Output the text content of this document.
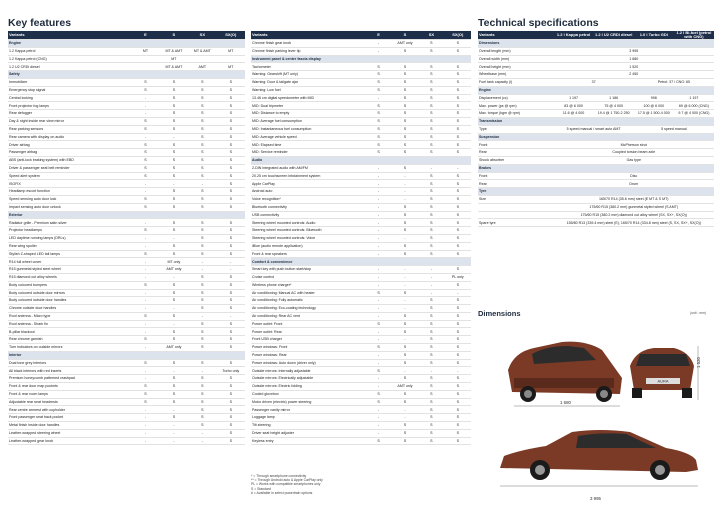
Key features	Technical specifications
Variants	E	S	SX	SX(O)
Engine				
1.2 Kappa petrol	MT	MT & AMT	MT & AMT	MT
1.2 Kappa petrol (CNG)		MT		
1.2 U2 CRDi diesel		MT & AMT	AMT	MT
Safety				
Immobilizer	S	S	S	S
Emergency stop signal	S	S	S	S
Central locking	-	S	S	S
Front projector fog lamps	-	S	S	S
Rear defogger	-	S	S	S
Day & night inside rear view mirror	S	S	S	S
Rear parking sensors	S	S	S	S
Rear camera with display on audio	-	-	S	S
Driver airbag	S	S	S	S
Passenger airbag	S	S	S	S
ABS (anti-lock braking system) with EBD	S	S	S	S
Driver & passenger seat belt reminder	S	S	S	S
Speed alert system	S	S	S	S
ISOFIX	-	-	-	S
Headlamp escort function	-	S	S	S
Speed sensing auto door lock	S	S	S	S
Impact sensing auto door unlock	S	S	S	S
Exterior				
Radiator grille - Premium satin silver	-	S	S	S
Projector headlamps	S	S	S	S
LED daytime running lamps (DRLs)	-	-	S	S
Rear wing spoiler	-	S	S	S
Stylish Z-shaped LED tail lamps	S	S	S	S
R14 full wheel cover	-	MT only	-	-
R15 gunmetal styled steel wheel	-	AMT only	-	-
R15 diamond cut alloy wheels	-	-	S	S
Body coloured bumpers	S	S	S	S
Body coloured outside door mirrors	-	S	S	S
Body coloured outside door handles	-	S	S	S
Chrome outside door handles	-	-	S	S
Roof antenna - Micro type	S	S	-	-
Roof antenna - Shark fin	-	-	S	S
B-pillar blackout	-	S	S	S
Rear chrome garnish	S	S	S	S
Turn indicators on outside mirrors	-	AMT only	S	S
Interior				
Dual tone grey interiors	S	S	S	S
All black interiors with red inserts	-	-	-	Turbo only
Premium honeycomb patterned crashpad	-	S	S	S
Front & rear door map pockets	S	S	S	S
Front & rear room lamps	S	S	S	S
Adjustable rear seat headrests	S	S	S	S
Rear centre armrest with cupholder	-	-	S	S
Front passenger seat back pocket	-	S	S	S
Metal finish inside door handles	-	-	S	S
Leather-wrapped steering wheel	-	-	-	S
Leather-wrapped gear knob	-	-	-	S
Variants	E	S	SX	SX(O)
Chrome finish gear knob	-	AMT only	S	S
Chrome finish parking lever tip	-	S	S	S
Instrument panel & center fascia display				
Tachometer	S	S	S	S
Warning: Gearshift (MT only)	S	S	S	S
Warning: Door & tailgate ajar	S	S	S	S
Warning: Low fuel	S	S	S	S
13.46 cm digital speedometer with MID	-	S	S	S
MID: Dual tripmeter	S	S	S	S
MID: Distance to empty	S	S	S	S
MID: Average fuel consumption	S	S	S	S
MID: Instantaneous fuel consumption	S	S	S	S
MID: Average vehicle speed	S	S	S	S
MID: Elapsed time	S	S	S	S
MID: Service reminder	S	S	S	S
Audio				
2-DIN integrated audio with AM/FM	-	S	-	-
20.25 cm touchscreen infotainment system	-	-	S	S
Apple CarPlay	-	-	S	S
Android auto	-	-	S	S
Voice recognition*	-	-	S	S
Bluetooth connectivity	-	S	S	S
USB connectivity	-	S	S	S
Steering wheel mounted controls: Audio	-	S	S	S
Steering wheel mounted controls: Bluetooth	-	S	S	S
Steering wheel mounted controls: Voice	-	-	S	S
iBlue (audio remote application)	-	S	S	S
Front & rear speakers	-	S	S	S
Comfort & convenience				
Smart key with push button start/stop	-	-	-	S
Cruise control	-	-	-	PL only
Wireless phone charger*	-	-	-	S
Air conditioning: Manual AC with heater	S	S	-	-
Air conditioning: Fully automatic	-	-	S	S
Air conditioning: Eco-coating technology	-	-	S	S
Air conditioning: Rear AC vent	-	S	S	S
Power outlet: Front	S	S	S	S
Power outlet: Rear	-	S	S	S
Front USB charger	-	-	S	S
Power windows: Front	S	S	S	S
Power windows: Rear	-	S	S	S
Power windows: Auto down (driver only)	-	S	S	S
Outside mirrors: Internally adjustable	S	-	-	-
Outside mirrors: Electrically adjustable	-	S	S	S
Outside mirrors: Electric folding	-	AMT only	S	S
Cooled glovebox	S	S	S	S
Motor driven (electric) power steering	S	S	S	S
Passenger vanity mirror	-	-	S	S
Luggage lamp	-	-	S	S
Tilt steering	-	S	S	S
Driver seat height adjuster	-	S	S	S
Keyless entry	S	S	S	S
* = Through smartphone connectivity
** = Through Android auto & Apple CarPlay only
PL = Works with compatible smartphones only
S = Standard
# = Available in select powertrain options
Variants	1.2 l Kappa petrol	1.2 l U2 CRDi diesel	1.0 l Turbo GDi	1.2 l Bi-fuel (petrol with CNG)
Dimensions				
Overall length (mm)	3 995			
Overall width (mm)	1 680			
Overall height (mm)	1 520			
Wheelbase (mm)	2 450			
Fuel tank capacity (l)	37		Petrol: 37 / CNG: 65	
Engine				
Displacement (cc)	1 197	1 186	998	1 197
Max. power (ps @ rpm)	83 @ 6 000	75 @ 4 000	100 @ 6 000	69 @ 6 000 (CNG)
Max. torque (kgm @ rpm)	11.6 @ 4 000	19.4 @ 1 750-2 250	17.5 @ 1 500-4 000	9.7 @ 4 000 (CNG)
Transmission				
Type	5 speed manual / smart auto AMT		5 speed manual	
Suspension				
Front	McPherson strut			
Rear	Coupled torsion beam axle			
Shock absorber	Gas type			
Brakes				
Front	Disc			
Rear	Drum			
Tyre				
Size	165/70 R14 (35.6 mm) steel (E MT & S MT)			
	175/60 R15 (380.2 mm) gunmetal styled wheel (S AMT)			
	175/60 R15 (380.2 mm) diamond cut alloy wheel (SX, SX+, SX(O))			
Spare tyre	155/80 R13 (339.4 mm) steel (E), 165/70 R14 (334.8 mm) steel (S, SX, SX+, SX(O))			
Dimensions	(unit : mm)
AURA
1 680
1 520
3 995
